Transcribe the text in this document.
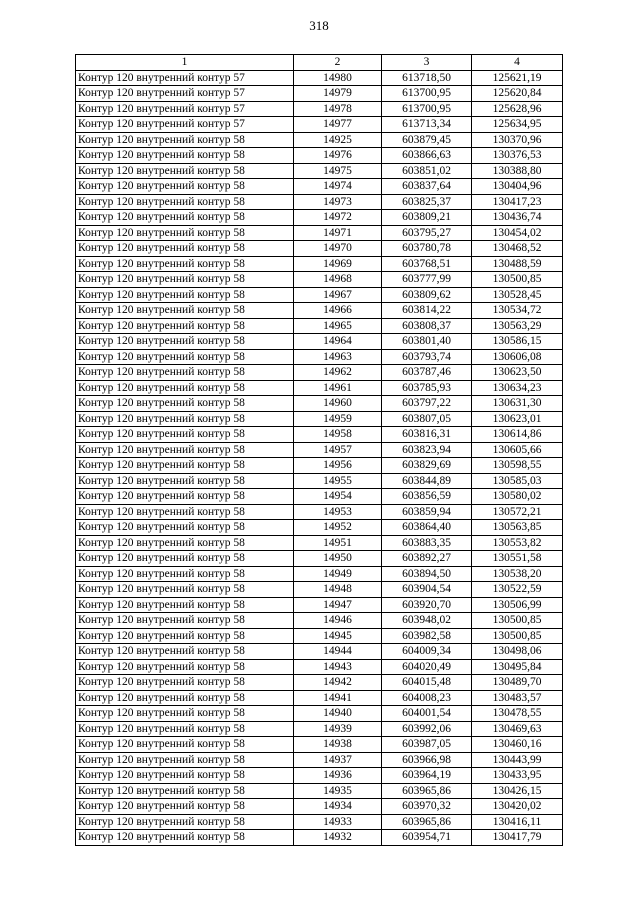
318
1	2	3	4
Контур 120 внутренний контур 57	14980	613718,50	125621,19
Контур 120 внутренний контур 57	14979	613700,95	125620,84
Контур 120 внутренний контур 57	14978	613700,95	125628,96
Контур 120 внутренний контур 57	14977	613713,34	125634,95
Контур 120 внутренний контур 58	14925	603879,45	130370,96
Контур 120 внутренний контур 58	14976	603866,63	130376,53
Контур 120 внутренний контур 58	14975	603851,02	130388,80
Контур 120 внутренний контур 58	14974	603837,64	130404,96
Контур 120 внутренний контур 58	14973	603825,37	130417,23
Контур 120 внутренний контур 58	14972	603809,21	130436,74
Контур 120 внутренний контур 58	14971	603795,27	130454,02
Контур 120 внутренний контур 58	14970	603780,78	130468,52
Контур 120 внутренний контур 58	14969	603768,51	130488,59
Контур 120 внутренний контур 58	14968	603777,99	130500,85
Контур 120 внутренний контур 58	14967	603809,62	130528,45
Контур 120 внутренний контур 58	14966	603814,22	130534,72
Контур 120 внутренний контур 58	14965	603808,37	130563,29
Контур 120 внутренний контур 58	14964	603801,40	130586,15
Контур 120 внутренний контур 58	14963	603793,74	130606,08
Контур 120 внутренний контур 58	14962	603787,46	130623,50
Контур 120 внутренний контур 58	14961	603785,93	130634,23
Контур 120 внутренний контур 58	14960	603797,22	130631,30
Контур 120 внутренний контур 58	14959	603807,05	130623,01
Контур 120 внутренний контур 58	14958	603816,31	130614,86
Контур 120 внутренний контур 58	14957	603823,94	130605,66
Контур 120 внутренний контур 58	14956	603829,69	130598,55
Контур 120 внутренний контур 58	14955	603844,89	130585,03
Контур 120 внутренний контур 58	14954	603856,59	130580,02
Контур 120 внутренний контур 58	14953	603859,94	130572,21
Контур 120 внутренний контур 58	14952	603864,40	130563,85
Контур 120 внутренний контур 58	14951	603883,35	130553,82
Контур 120 внутренний контур 58	14950	603892,27	130551,58
Контур 120 внутренний контур 58	14949	603894,50	130538,20
Контур 120 внутренний контур 58	14948	603904,54	130522,59
Контур 120 внутренний контур 58	14947	603920,70	130506,99
Контур 120 внутренний контур 58	14946	603948,02	130500,85
Контур 120 внутренний контур 58	14945	603982,58	130500,85
Контур 120 внутренний контур 58	14944	604009,34	130498,06
Контур 120 внутренний контур 58	14943	604020,49	130495,84
Контур 120 внутренний контур 58	14942	604015,48	130489,70
Контур 120 внутренний контур 58	14941	604008,23	130483,57
Контур 120 внутренний контур 58	14940	604001,54	130478,55
Контур 120 внутренний контур 58	14939	603992,06	130469,63
Контур 120 внутренний контур 58	14938	603987,05	130460,16
Контур 120 внутренний контур 58	14937	603966,98	130443,99
Контур 120 внутренний контур 58	14936	603964,19	130433,95
Контур 120 внутренний контур 58	14935	603965,86	130426,15
Контур 120 внутренний контур 58	14934	603970,32	130420,02
Контур 120 внутренний контур 58	14933	603965,86	130416,11
Контур 120 внутренний контур 58	14932	603954,71	130417,79
